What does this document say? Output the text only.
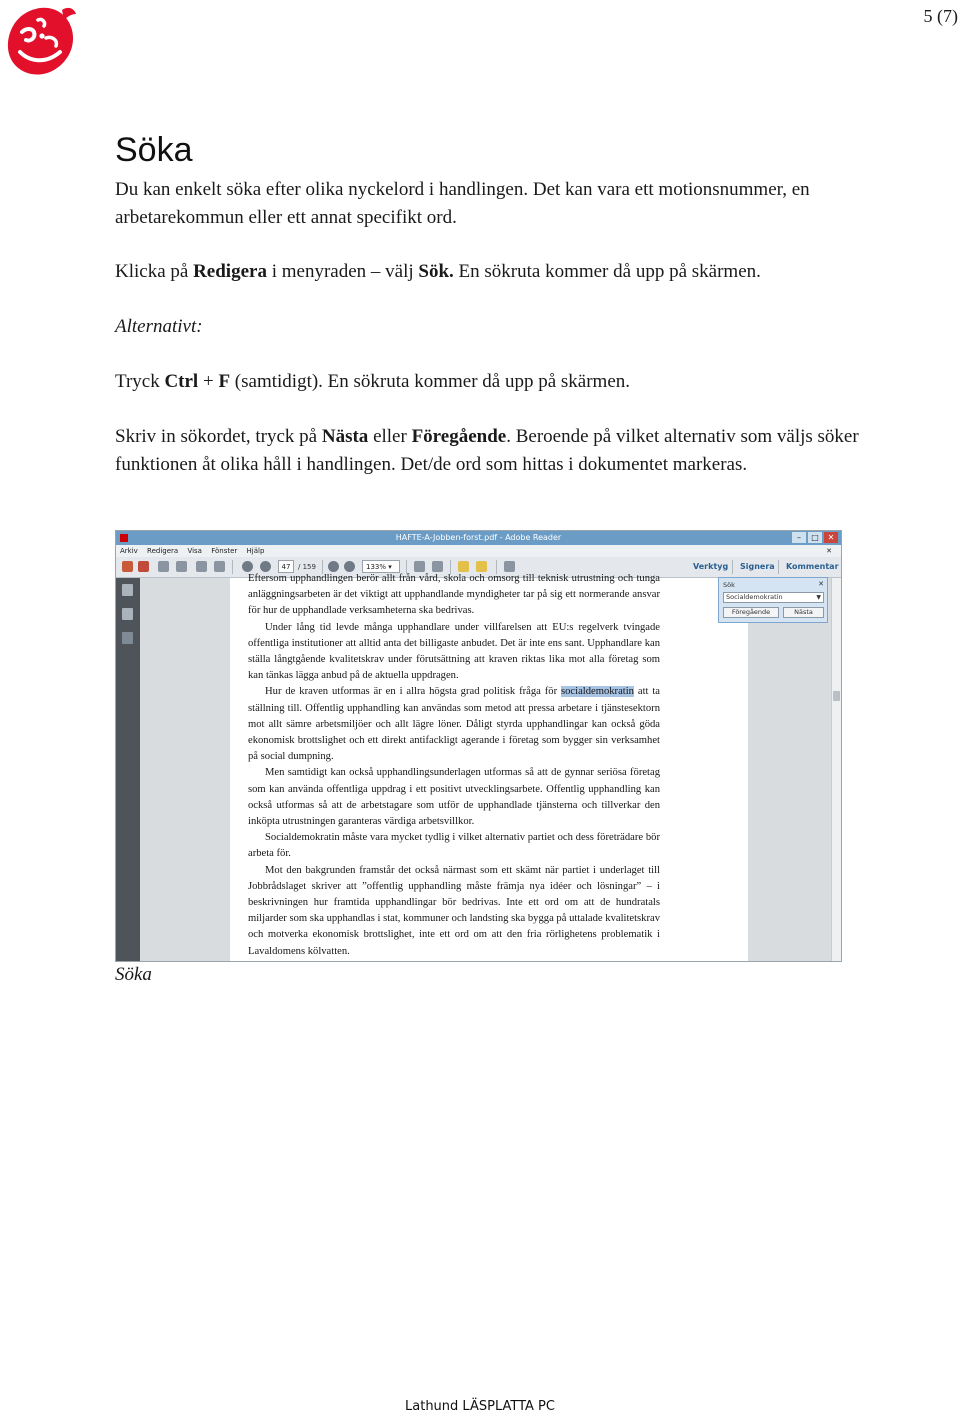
5 (7)
Söka
Du kan enkelt söka efter olika nyckelord i handlingen. Det kan vara ett motionsnummer, en arbetarekommun eller ett annat specifikt ord.
Klicka på Redigera i menyraden – välj Sök. En sökruta kommer då upp på skärmen.
Alternativt:
Tryck Ctrl + F (samtidigt). En sökruta kommer då upp på skärmen.
Skriv in sökordet, tryck på Nästa eller Föregående. Beroende på vilket alternativ som väljs söker funktionen åt olika håll i handlingen. Det/de ord som hittas i dokumentet markeras.
HAFTE-A-Jobben-forst.pdf - Adobe Reader	–	□	✕
Arkiv Redigera Visa Fönster Hjälp	✕
47	/ 159	133% ▾	Verktyg Signera Kommentar

Eftersom upphandlingen berör allt från vård, skola och omsorg till teknisk utrustning och tunga anläggningsarbeten är det viktigt att upphandlande myndigheter tar på sig ett normerande ansvar för hur de upphandlade verksamheterna ska bedrivas.

Under lång tid levde många upphandlare under villfarelsen att EU:s regelverk tvingade offentliga institutioner att alltid anta det billigaste anbudet. Det är inte ens sant. Upphandlare kan ställa långtgående kvalitetskrav under förutsättning att kraven riktas lika mot alla företag som kan tänkas lägga anbud på de aktuella uppdragen.

Hur de kraven utformas är en i allra högsta grad politisk fråga för socialdemokratin att ta ställning till. Offentlig upphandling kan användas som metod att pressa arbetare i tjänstesektorn mot allt sämre arbetsmiljöer och allt lägre löner. Dåligt styrda upphandlingar kan också göda ekonomisk brottslighet och ett direkt antifackligt agerande i företag som bygger sin verksamhet på social dumpning.

Men samtidigt kan också upphandlingsunderlagen utformas så att de gynnar seriösa företag som kan använda offentliga uppdrag i ett positivt utvecklingsarbete. Offentlig upphandling kan också utformas så att de arbetstagare som utför de upphandlade tjänsterna och tillverkar den inköpta utrustningen garanteras värdiga arbetsvillkor.

Socialdemokratin måste vara mycket tydlig i vilket alternativ partiet och dess företrädare bör arbeta för.

Mot den bakgrunden framstår det också närmast som ett skämt när partiet i underlaget till Jobbrådslaget skriver att ”offentlig upphandling måste främja nya idéer och lösningar” – i beskrivningen hur framtida upphandlingar bör bedrivas. Inte ett ord om att de hundratals miljarder som ska upphandlas i stat, kommuner och landsting ska bygga på uttalade kvalitetskrav och motverka ekonomisk brottslighet, inte ett ord om att den fria rörlighetens problematik i Lavaldomens kölvatten.

Sök	✕
Socialdemokratin	▼
Föregående	Nästa
Söka
Lathund LÄSPLATTA PC
